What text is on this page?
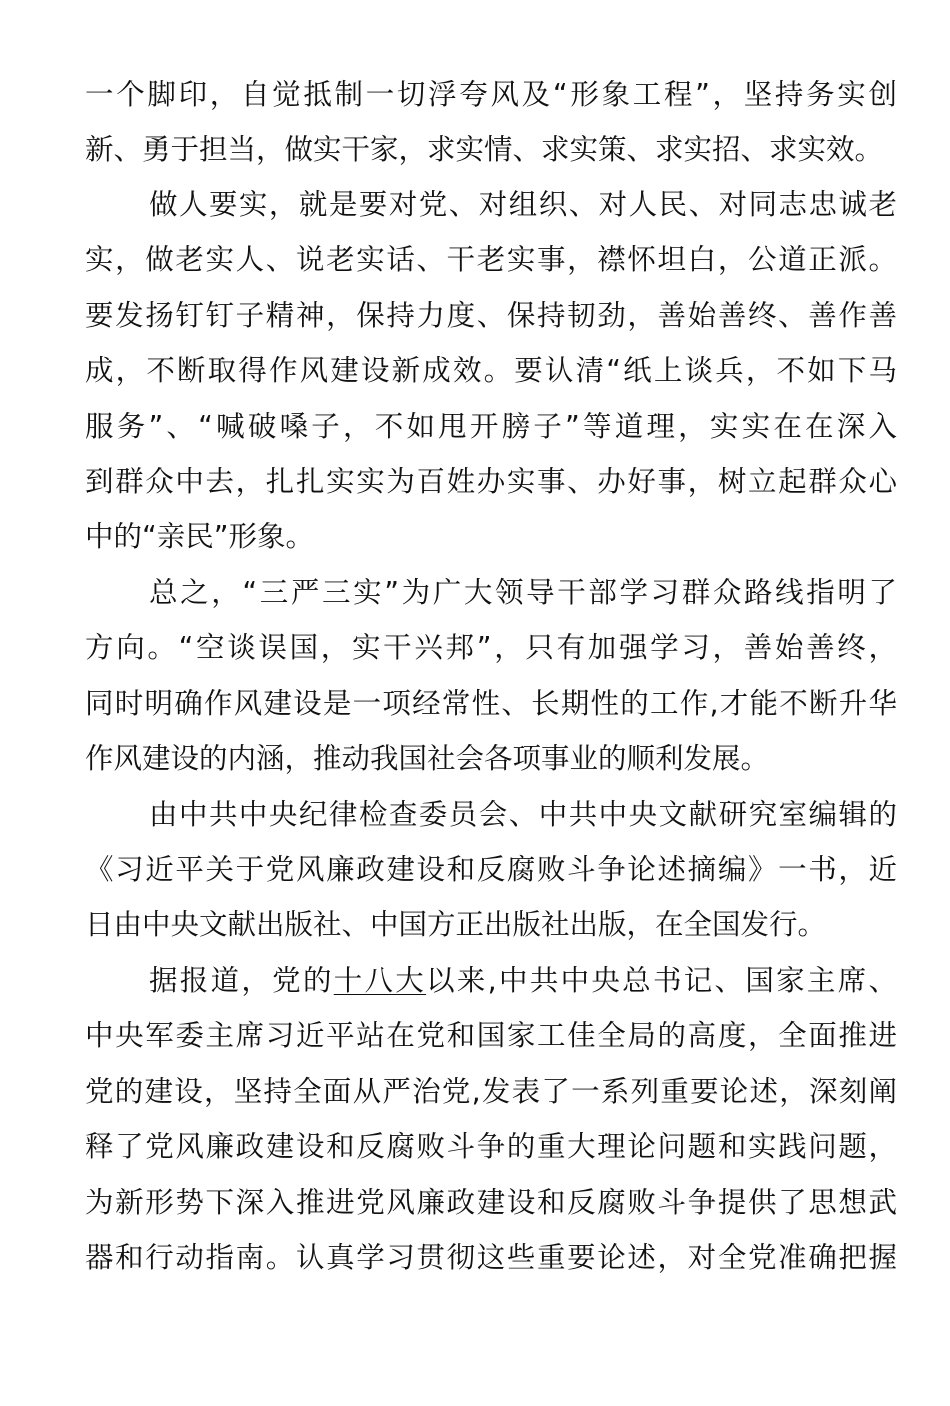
一个脚印，自觉抵制一切浮夸风及“形象工程”，坚持务实创
新、勇于担当，做实干家，求实情、求实策、求实招、求实效。
做人要实，就是要对党、对组织、对人民、对同志忠诚老
实，做老实人、说老实话、干老实事，襟怀坦白，公道正派。
要发扬钉钉子精神，保持力度、保持韧劲，善始善终、善作善
成，不断取得作风建设新成效。要认清“纸上谈兵，不如下马
服务”、“喊破嗓子，不如甩开膀子”等道理，实实在在深入
到群众中去，扎扎实实为百姓办实事、办好事，树立起群众心
中的“亲民”形象。
总之，“三严三实”为广大领导干部学习群众路线指明了
方向。“空谈误国，实干兴邦”，只有加强学习，善始善终，
同时明确作风建设是一项经常性、长期性的工作,才能不断升华
作风建设的内涵，推动我国社会各项事业的顺利发展。
由中共中央纪律检查委员会、中共中央文献研究室编辑的
《习近平关于党风廉政建设和反腐败斗争论述摘编》一书，近
日由中央文献出版社、中国方正出版社出版，在全国发行。
据报道，党的十八大以来,中共中央总书记、国家主席、
中央军委主席习近平站在党和国家工佳全局的高度，全面推进
党的建设，坚持全面从严治党,发表了一系列重要论述，深刻阐
释了党风廉政建设和反腐败斗争的重大理论问题和实践问题，
为新形势下深入推进党风廉政建设和反腐败斗争提供了思想武
器和行动指南。认真学习贯彻这些重要论述，对全党准确把握
